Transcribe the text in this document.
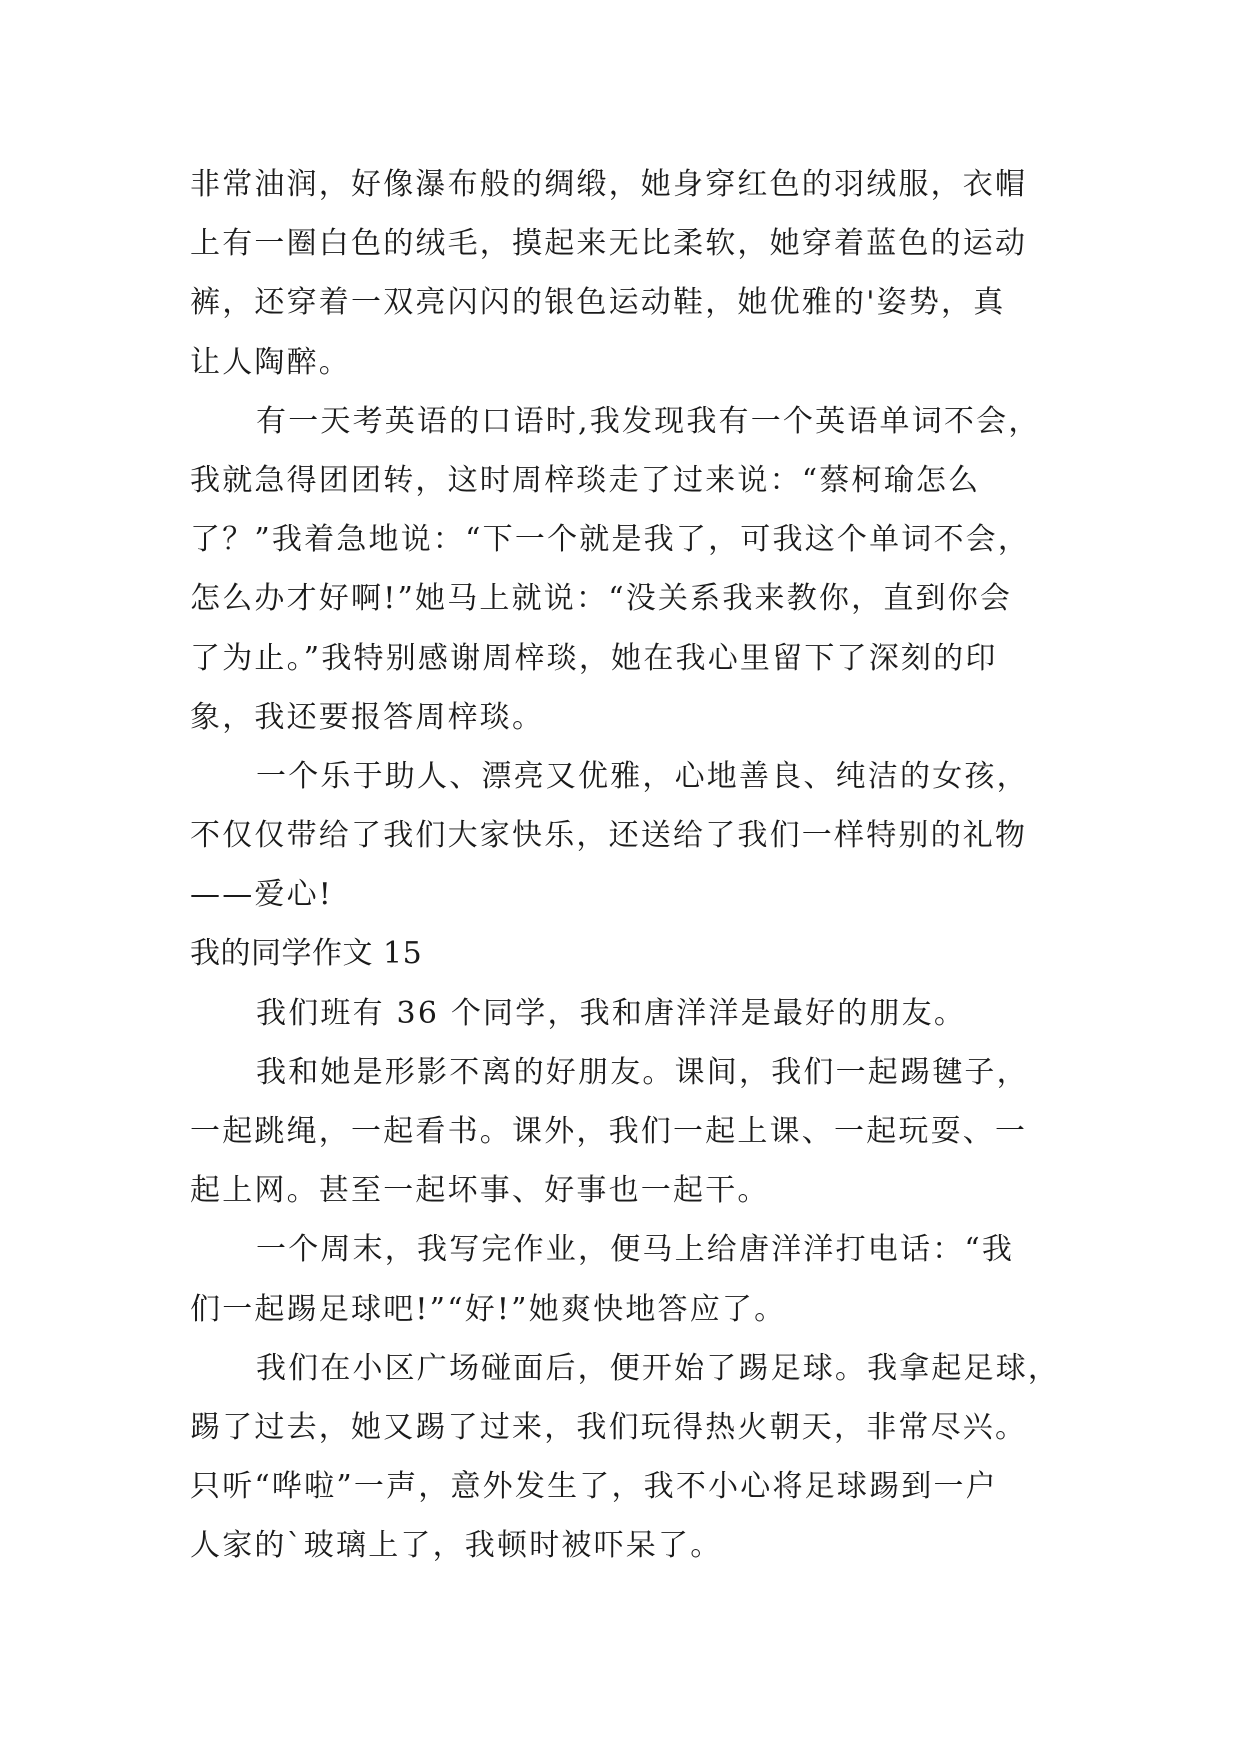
非常油润，好像瀑布般的绸缎，她身穿红色的羽绒服，衣帽
上有一圈白色的绒毛，摸起来无比柔软，她穿着蓝色的运动
裤，还穿着一双亮闪闪的银色运动鞋，她优雅的'姿势，真
让人陶醉。
有一天考英语的口语时,我发现我有一个英语单词不会，
我就急得团团转，这时周梓琰走了过来说：“蔡柯瑜怎么
了？”我着急地说：“下一个就是我了，可我这个单词不会，
怎么办才好啊!”她马上就说：“没关系我来教你，直到你会
了为止。”我特别感谢周梓琰，她在我心里留下了深刻的印
象，我还要报答周梓琰。
一个乐于助人、漂亮又优雅，心地善良、纯洁的女孩，
不仅仅带给了我们大家快乐，还送给了我们一样特别的礼物
——爱心!
我的同学作文 15
我们班有 36 个同学，我和唐洋洋是最好的朋友。
我和她是形影不离的好朋友。课间，我们一起踢毽子，
一起跳绳，一起看书。课外，我们一起上课、一起玩耍、一
起上网。甚至一起坏事、好事也一起干。
一个周末，我写完作业，便马上给唐洋洋打电话：“我
们一起踢足球吧!”“好!”她爽快地答应了。
我们在小区广场碰面后，便开始了踢足球。我拿起足球，
踢了过去，她又踢了过来，我们玩得热火朝天，非常尽兴。
只听“哗啦”一声，意外发生了，我不小心将足球踢到一户
人家的`玻璃上了，我顿时被吓呆了。
